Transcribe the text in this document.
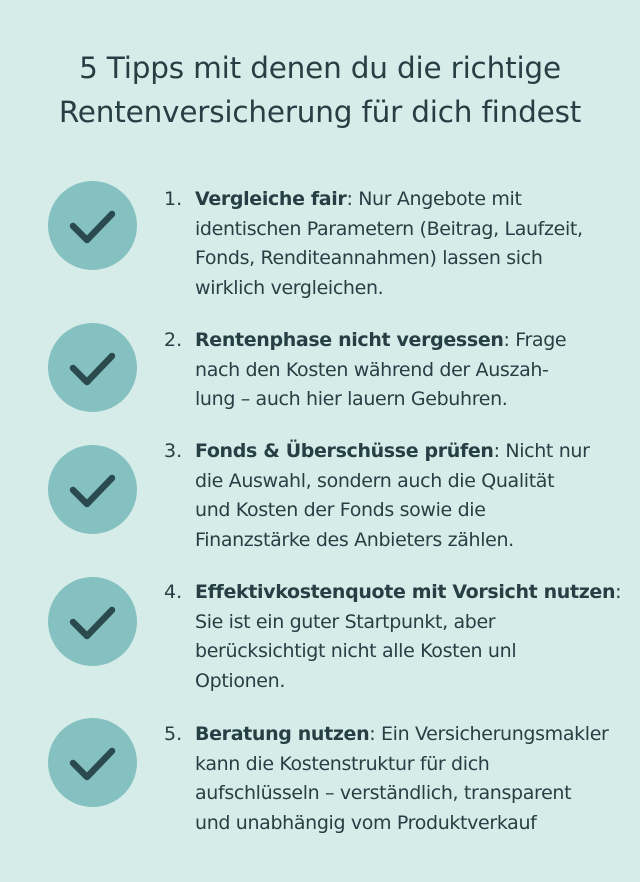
5 Tipps mit denen du die richtige
Rentenversicherung für dich findest
1. Vergleiche fair: Nur Angebote mit
identischen Parametern (Beitrag, Laufzeit,
Fonds, Renditeannahmen) lassen sich
wirklich vergleichen.
2. Rentenphase nicht vergessen: Frage
nach den Kosten während der Auszah-
lung – auch hier lauern Gebuhren.
3. Fonds & Überschüsse prüfen: Nicht nur
die Auswahl, sondern auch die Qualität
und Kosten der Fonds sowie die
Finanzstärke des Anbieters zählen.
4. Effektivkostenquote mit Vorsicht nutzen:
Sie ist ein guter Startpunkt, aber
berücksichtigt nicht alle Kosten unl
Optionen.
5. Beratung nutzen: Ein Versicherungsmakler
kann die Kostenstruktur für dich
aufschlüsseln – verständlich, transparent
und unabhängig vom Produktverkauf
